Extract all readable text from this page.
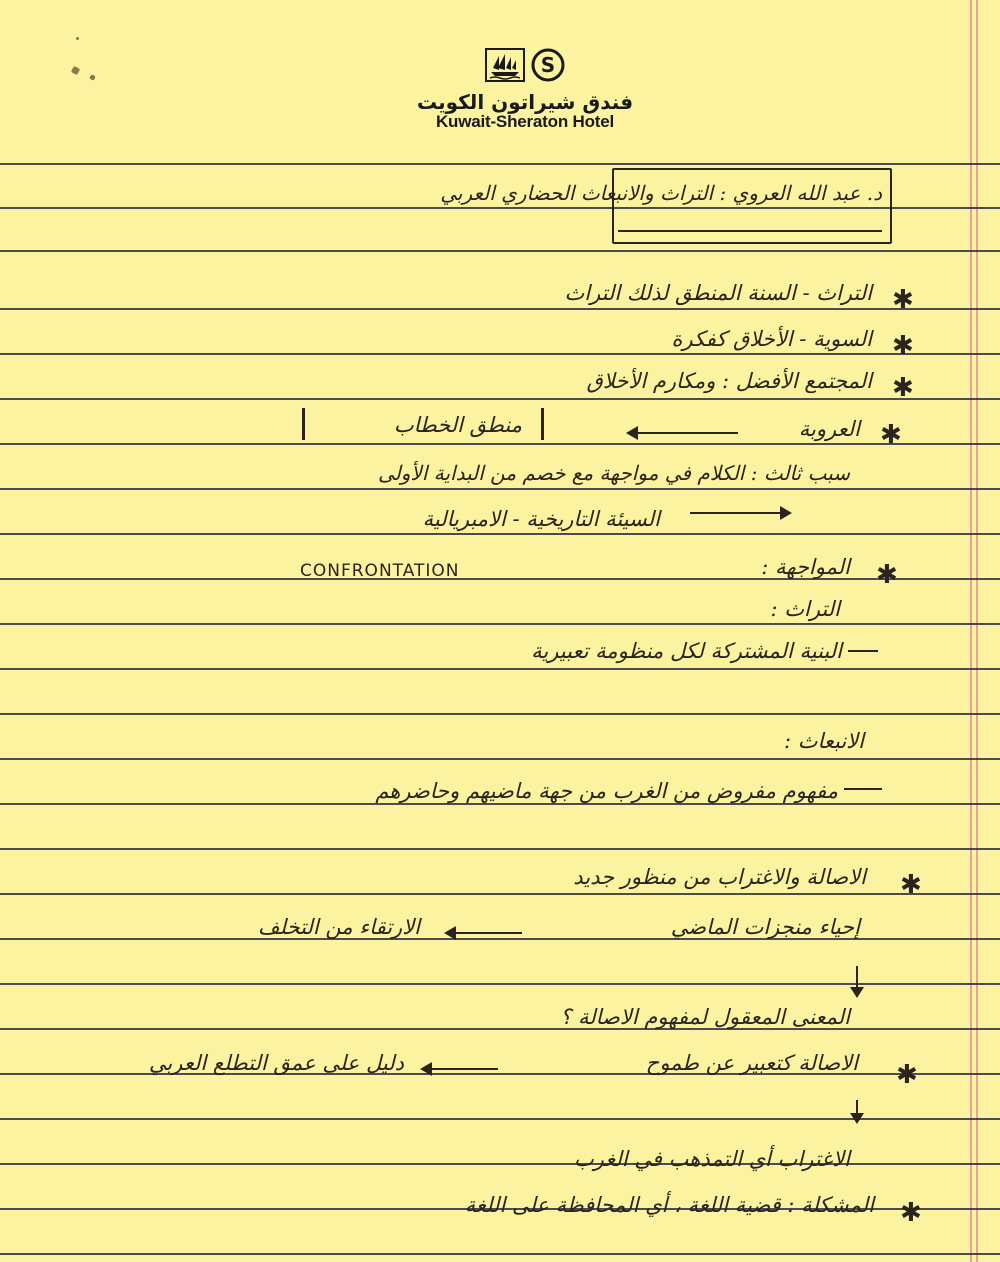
S
فندق شيراتون الكويت
Kuwait-Sheraton Hotel
د. عبد الله العروي : التراث والانبعاث الحضاري العربي
✱
التراث - السنة المنطق لذلك التراث
✱
السوية - الأخلاق كفكرة
✱
المجتمع الأفضل : ومكارم الأخلاق
✱
العروبة
منطق الخطاب
سبب ثالث : الكلام في مواجهة مع خصم من البداية الأولى
السيئة التاريخية - الامبريالية
✱
المواجهة :
CONFRONTATION
التراث :
البنية المشتركة لكل منظومة تعبيرية
الانبعاث :
مفهوم مفروض من الغرب من جهة ماضيهم وحاضرهم
✱
الاصالة والاغتراب من منظور جديد
إحياء منجزات الماضي
الارتقاء من التخلف
المعنى المعقول لمفهوم الاصالة ؟
✱
الاصالة كتعبير عن طموح
دليل على عمق التطلع العربي
الاغتراب أي التمذهب في الغرب
✱
المشكلة : قضية اللغة ، أي المحافظة على اللغة
